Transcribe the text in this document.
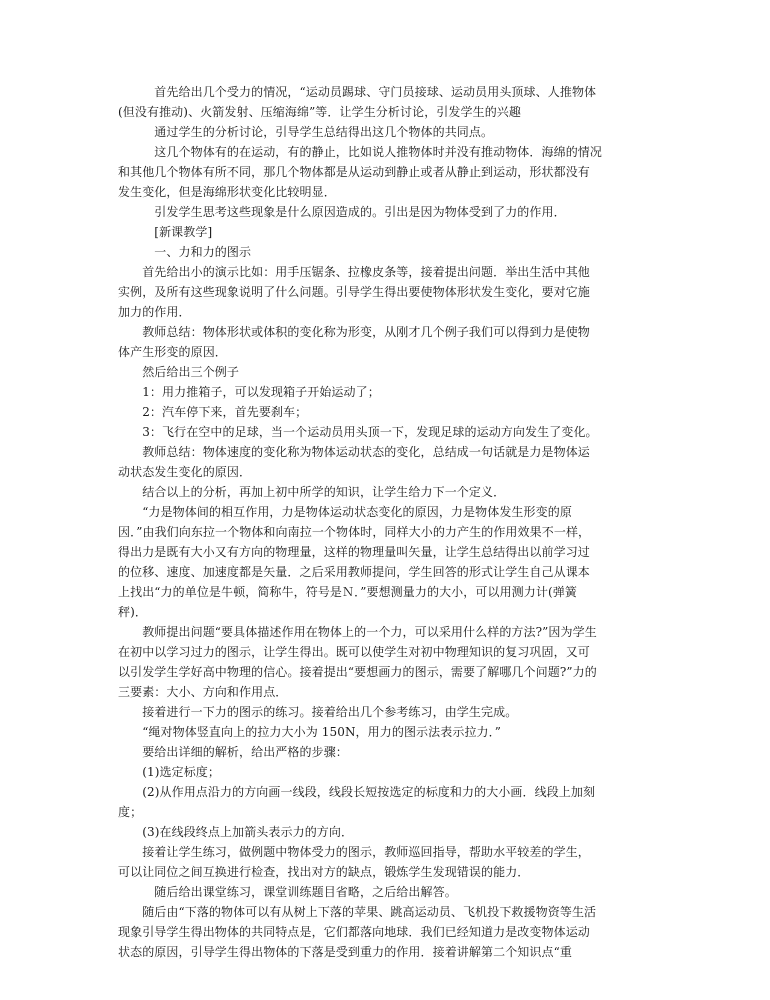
　　　首先给出几个受力的情况，“运动员踢球、守门员接球、运动员用头顶球、人推物体
(但没有推动)、火箭发射、压缩海绵”等．让学生分析讨论，引发学生的兴趣
　　　通过学生的分析讨论，引导学生总结得出这几个物体的共同点。
　　　这几个物体有的在运动，有的静止，比如说人推物体时并没有推动物体．海绵的情况
和其他几个物体有所不同，那几个物体都是从运动到静止或者从静止到运动，形状都没有
发生变化，但是海绵形状变化比较明显．
　　　引发学生思考这些现象是什么原因造成的。引出是因为物体受到了力的作用．
　　　[新课教学]
　　　一、力和力的图示
　　首先给出小的演示比如：用手压锯条、拉橡皮条等，接着提出问题．举出生活中其他
实例，及所有这些现象说明了什么问题。引导学生得出要使物体形状发生变化，要对它施
加力的作用．
　　教师总结：物体形状或体积的变化称为形变，从刚才几个例子我们可以得到力是使物
体产生形变的原因．
　　然后给出三个例子
　　1：用力推箱子，可以发现箱子开始运动了；
　　2：汽车停下来，首先要刹车；
　　3：飞行在空中的足球，当一个运动员用头顶一下，发现足球的运动方向发生了变化。
　　教师总结：物体速度的变化称为物体运动状态的变化，总结成一句话就是力是物体运
动状态发生变化的原因．
　　结合以上的分析，再加上初中所学的知识，让学生给力下一个定义．
　　“力是物体间的相互作用，力是物体运动状态变化的原因，力是物体发生形变的原
因．”由我们向东拉一个物体和向南拉一个物体时，同样大小的力产生的作用效果不一样，
得出力是既有大小又有方向的物理量，这样的物理量叫矢量，让学生总结得出以前学习过
的位移、速度、加速度都是矢量．之后采用教师提问，学生回答的形式让学生自己从课本
上找出“力的单位是牛顿，简称牛，符号是Ｎ．”要想测量力的大小，可以用测力计(弹簧
秤)．
　　教师提出问题“要具体描述作用在物体上的一个力，可以采用什么样的方法?”因为学生
在初中以学习过力的图示，让学生得出。既可以使学生对初中物理知识的复习巩固，又可
以引发学生学好高中物理的信心。接着提出“要想画力的图示，需要了解哪几个问题?”力的
三要素：大小、方向和作用点．
　　接着进行一下力的图示的练习。接着给出几个参考练习，由学生完成。
　　“绳对物体竖直向上的拉力大小为 150N，用力的图示法表示拉力．”
　　要给出详细的解析，给出严格的步骤：
　　(1)选定标度；
　　(2)从作用点沿力的方向画一线段，线段长短按选定的标度和力的大小画．线段上加刻
度；
　　(3)在线段终点上加箭头表示力的方向．
　　接着让学生练习，做例题中物体受力的图示，教师巡回指导，帮助水平较差的学生，
可以让同位之间互换进行检查，找出对方的缺点，锻炼学生发现错误的能力．
　　　随后给出课堂练习，课堂训练题目省略，之后给出解答。
　　随后由“下落的物体可以有从树上下落的苹果、跳高运动员、飞机投下救援物资等生活
现象引导学生得出物体的共同特点是，它们都落向地球．我们已经知道力是改变物体运动
状态的原因，引导学生得出物体的下落是受到重力的作用．接着讲解第二个知识点“重
